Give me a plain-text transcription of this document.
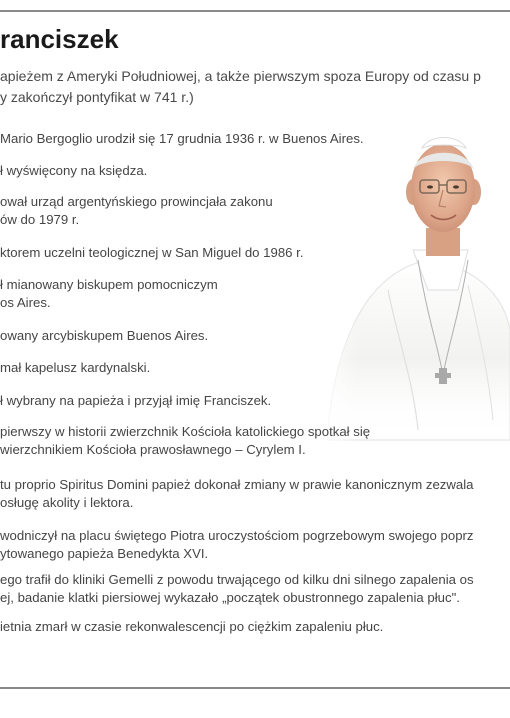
ranciszek
apieżem z Ameryki Południowej, a także pierwszym spoza Europy od czasu p
y zakończył pontyfikat w 741 r.)
Mario Bergoglio urodził się 17 grudnia 1936 r. w Buenos Aires.
ł wyświęcony na księdza.
ował urząd argentyńskiego prowincjała zakonu
ów do 1979 r.
ktorem uczelni teologicznej w San Miguel do 1986 r.
ł mianowany biskupem pomocniczym
os Aires.
owany arcybiskupem Buenos Aires.
mał kapelusz kardynalski.
ł wybrany na papieża i przyjął imię Franciszek.
pierwszy w historii zwierzchnik Kościoła katolickiego spotkał się
wierzchnikiem Kościoła prawosławnego – Cyrylem I.
tu proprio Spiritus Domini papież dokonał zmiany w prawie kanonicznym zezwala
osługę akolity i lektora.
wodniczył na placu świętego Piotra uroczystościom pogrzebowym swojego poprz
ytowanego papieża Benedykta XVI.
ego trafił do kliniki Gemelli z powodu trwającego od kilku dni silnego zapalenia os
ej, badanie klatki piersiowej wykazało „początek obustronnego zapalenia płuc".
ietnia zmarł w czasie rekonwalescencji po ciężkim zapaleniu płuc.
